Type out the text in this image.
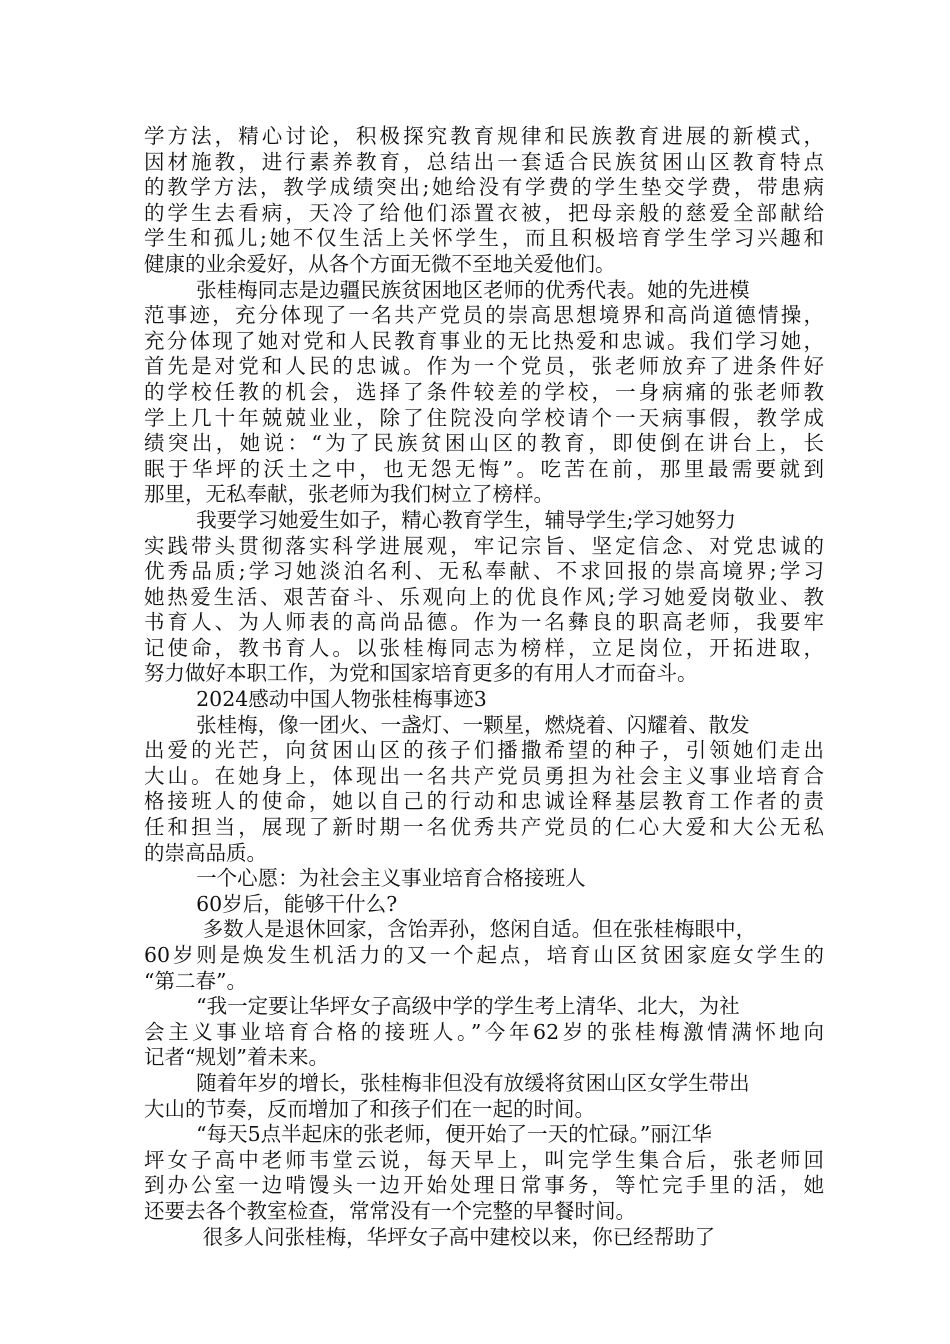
学方法，精心讨论，积极探究教育规律和民族教育进展的新模式，
因材施教，进行素养教育，总结出一套适合民族贫困山区教育特点
的教学方法，教学成绩突出;她给没有学费的学生垫交学费，带患病
的学生去看病，天冷了给他们添置衣被，把母亲般的慈爱全部献给
学生和孤儿;她不仅生活上关怀学生，而且积极培育学生学习兴趣和
健康的业余爱好，从各个方面无微不至地关爱他们。
张桂梅同志是边疆民族贫困地区老师的优秀代表。她的先进模
范事迹，充分体现了一名共产党员的崇高思想境界和高尚道德情操，
充分体现了她对党和人民教育事业的无比热爱和忠诚。我们学习她，
首先是对党和人民的忠诚。作为一个党员，张老师放弃了进条件好
的学校任教的机会，选择了条件较差的学校，一身病痛的张老师教
学上几十年兢兢业业，除了住院没向学校请个一天病事假，教学成
绩突出，她说：“为了民族贫困山区的教育，即使倒在讲台上，长
眠于华坪的沃土之中，也无怨无悔”。吃苦在前，那里最需要就到
那里，无私奉献，张老师为我们树立了榜样。
我要学习她爱生如子，精心教育学生，辅导学生;学习她努力
实践带头贯彻落实科学进展观，牢记宗旨、坚定信念、对党忠诚的
优秀品质;学习她淡泊名利、无私奉献、不求回报的崇高境界;学习
她热爱生活、艰苦奋斗、乐观向上的优良作风;学习她爱岗敬业、教
书育人、为人师表的高尚品德。作为一名彝良的职高老师，我要牢
记使命，教书育人。以张桂梅同志为榜样，立足岗位，开拓进取，
努力做好本职工作，为党和国家培育更多的有用人才而奋斗。
2024感动中国人物张桂梅事迹3
张桂梅，像一团火、一盏灯、一颗星，燃烧着、闪耀着、散发
出爱的光芒，向贫困山区的孩子们播撒希望的种子，引领她们走出
大山。在她身上，体现出一名共产党员勇担为社会主义事业培育合
格接班人的使命，她以自己的行动和忠诚诠释基层教育工作者的责
任和担当，展现了新时期一名优秀共产党员的仁心大爱和大公无私
的崇高品质。
一个心愿：为社会主义事业培育合格接班人
60岁后，能够干什么?
多数人是退休回家，含饴弄孙，悠闲自适。但在张桂梅眼中，
60岁则是焕发生机活力的又一个起点，培育山区贫困家庭女学生的
“第二春”。
“我一定要让华坪女子高级中学的学生考上清华、北大，为社
会主义事业培育合格的接班人。”今年62岁的张桂梅激情满怀地向
记者“规划”着未来。
随着年岁的增长，张桂梅非但没有放缓将贫困山区女学生带出
大山的节奏，反而增加了和孩子们在一起的时间。
“每天5点半起床的张老师，便开始了一天的忙碌。”丽江华
坪女子高中老师韦堂云说，每天早上，叫完学生集合后，张老师回
到办公室一边啃馒头一边开始处理日常事务，等忙完手里的活，她
还要去各个教室检查，常常没有一个完整的早餐时间。
很多人问张桂梅，华坪女子高中建校以来，你已经帮助了
